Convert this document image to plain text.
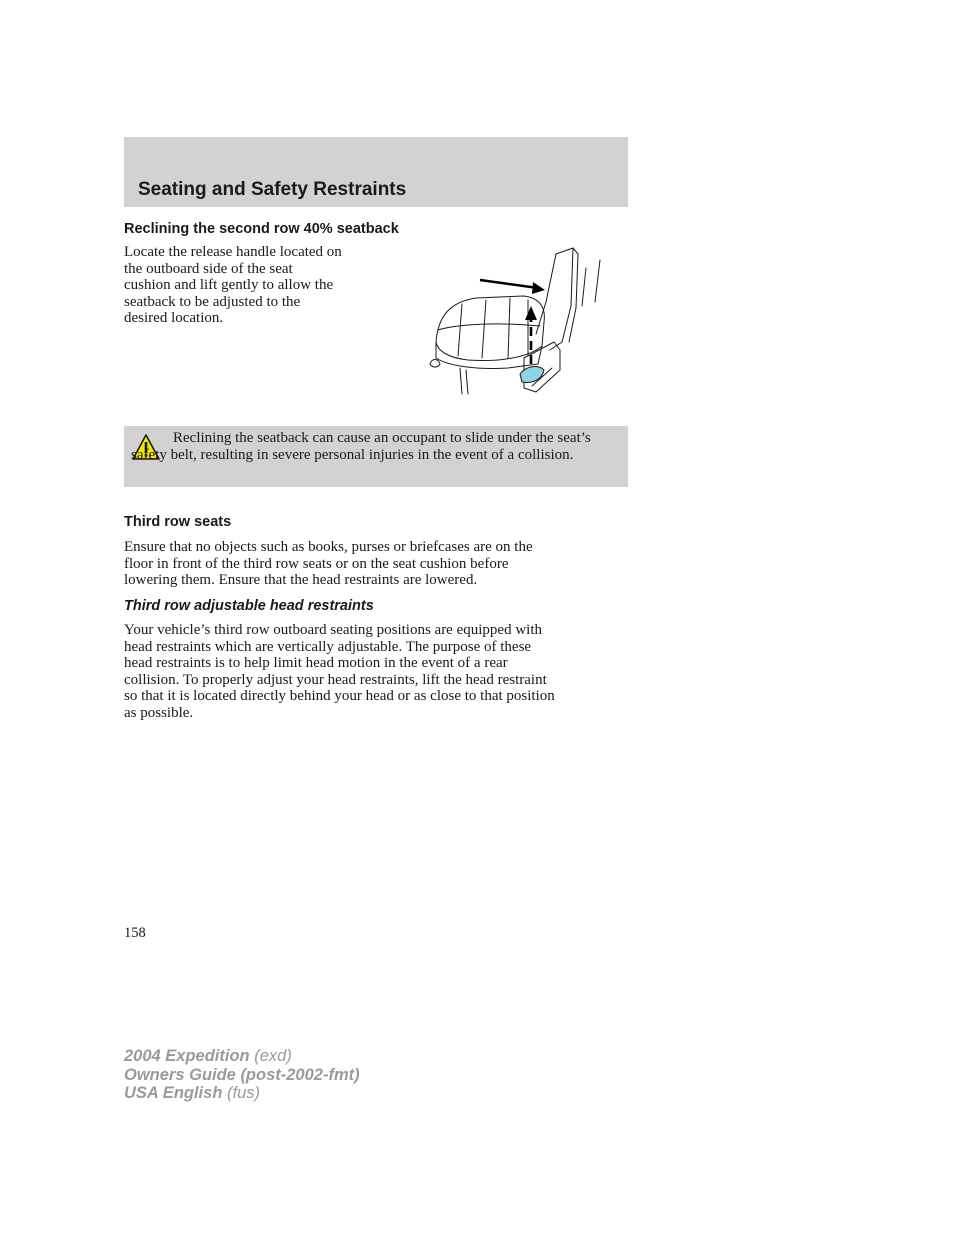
Seating and Safety Restraints
Reclining the second row 40% seatback
Locate the release handle located on
the outboard side of the seat
cushion and lift gently to allow the
seatback to be adjusted to the
desired location.

Reclining the seatback can cause an occupant to slide under the seat’s safety belt, resulting in severe personal injuries in the event of a collision.

Third row seats
Ensure that no objects such as books, purses or briefcases are on the
floor in front of the third row seats or on the seat cushion before
lowering them. Ensure that the head restraints are lowered.
Third row adjustable head restraints
Your vehicle’s third row outboard seating positions are equipped with
head restraints which are vertically adjustable. The purpose of these
head restraints is to help limit head motion in the event of a rear
collision. To properly adjust your head restraints, lift the head restraint
so that it is located directly behind your head or as close to that position
as possible.

158

2004 Expedition (exd)
Owners Guide (post-2002-fmt)
USA English (fus)
